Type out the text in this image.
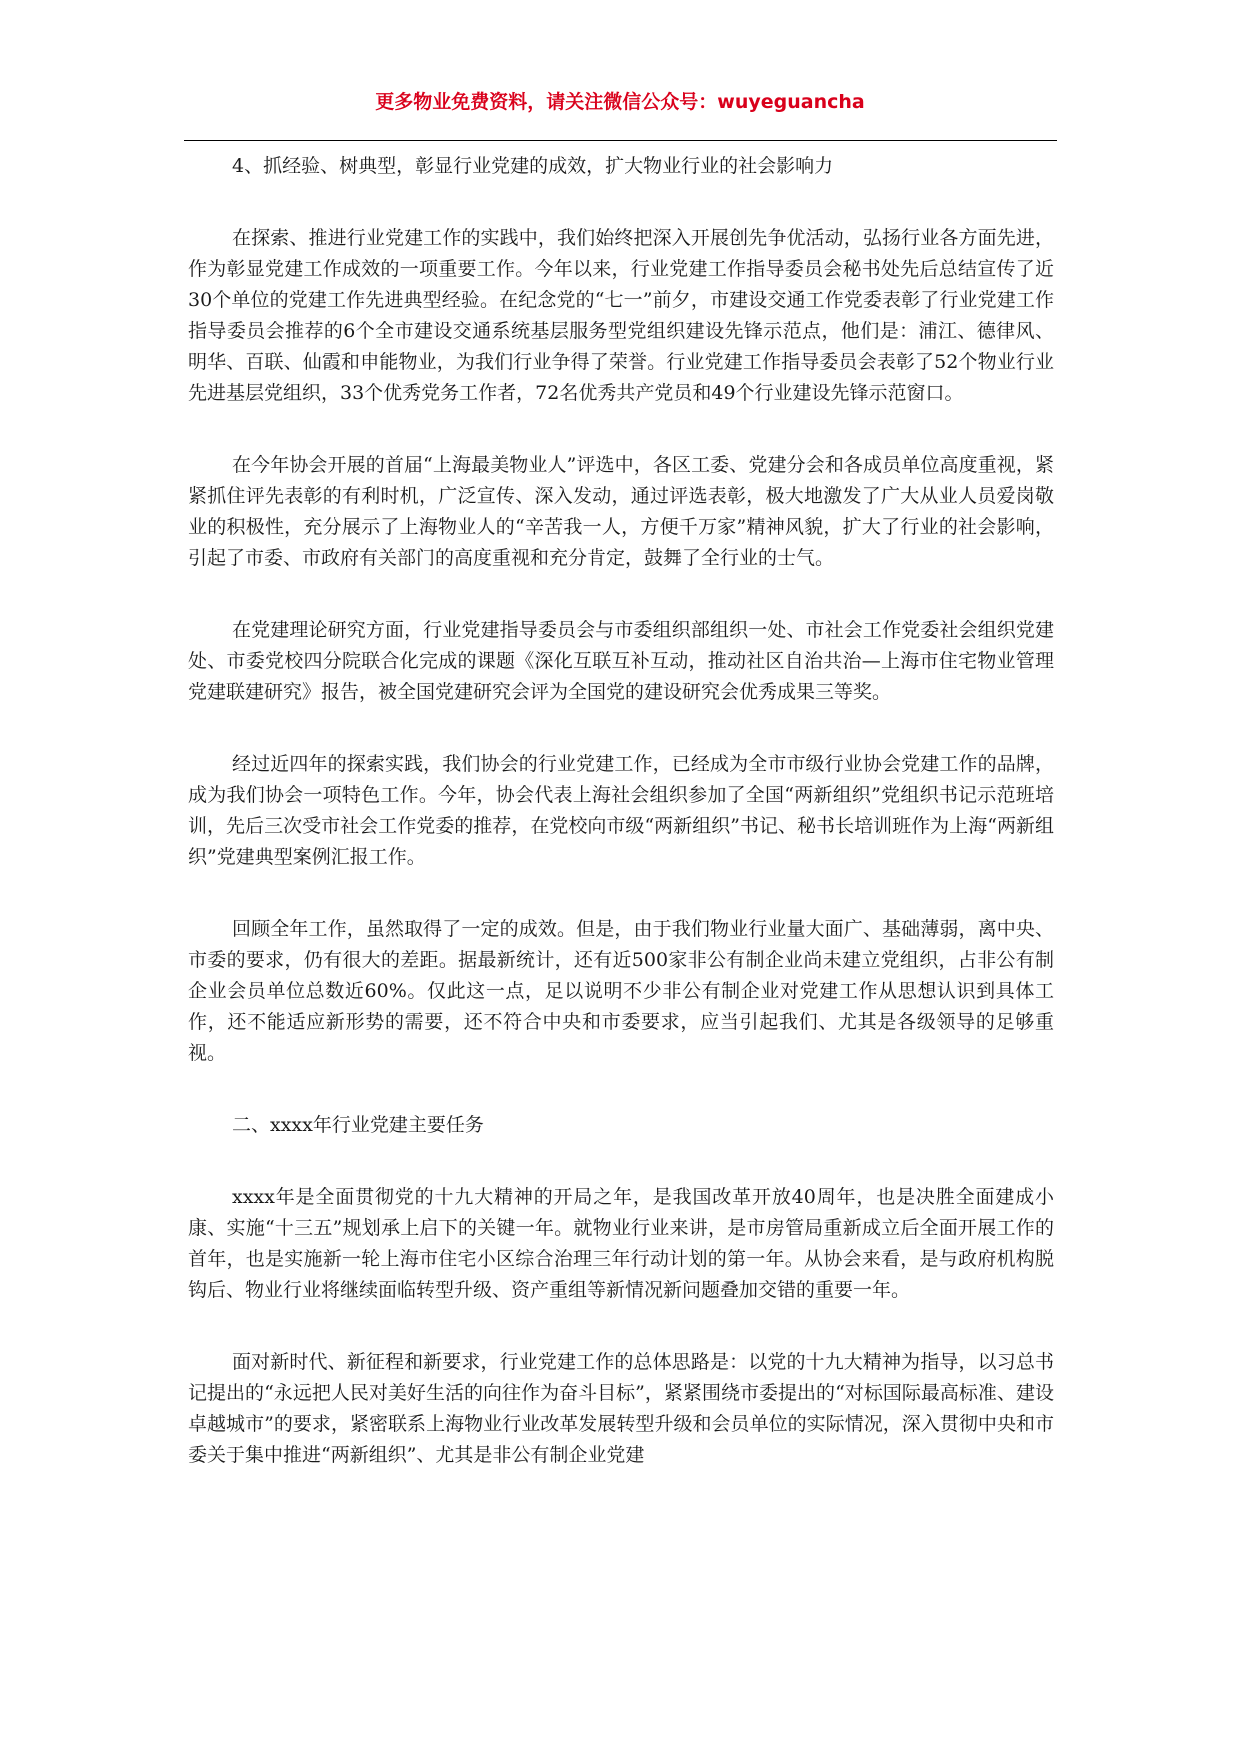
更多物业免费资料，请关注微信公众号：wuyeguancha

4、抓经验、树典型，彰显行业党建的成效，扩大物业行业的社会影响力

在探索、推进行业党建工作的实践中，我们始终把深入开展创先争优活动，弘扬行业各方面先进，作为彰显党建工作成效的一项重要工作。今年以来，行业党建工作指导委员会秘书处先后总结宣传了近30个单位的党建工作先进典型经验。在纪念党的“七一”前夕，市建设交通工作党委表彰了行业党建工作指导委员会推荐的6个全市建设交通系统基层服务型党组织建设先锋示范点，他们是：浦江、德律风、明华、百联、仙霞和申能物业，为我们行业争得了荣誉。行业党建工作指导委员会表彰了52个物业行业先进基层党组织，33个优秀党务工作者，72名优秀共产党员和49个行业建设先锋示范窗口。

在今年协会开展的首届“上海最美物业人”评选中，各区工委、党建分会和各成员单位高度重视，紧紧抓住评先表彰的有利时机，广泛宣传、深入发动，通过评选表彰，极大地激发了广大从业人员爱岗敬业的积极性，充分展示了上海物业人的“辛苦我一人，方便千万家”精神风貌，扩大了行业的社会影响，引起了市委、市政府有关部门的高度重视和充分肯定，鼓舞了全行业的士气。

在党建理论研究方面，行业党建指导委员会与市委组织部组织一处、市社会工作党委社会组织党建处、市委党校四分院联合化完成的课题《深化互联互补互动，推动社区自治共治—上海市住宅物业管理党建联建研究》报告，被全国党建研究会评为全国党的建设研究会优秀成果三等奖。

经过近四年的探索实践，我们协会的行业党建工作，已经成为全市市级行业协会党建工作的品牌，成为我们协会一项特色工作。今年，协会代表上海社会组织参加了全国“两新组织”党组织书记示范班培训，先后三次受市社会工作党委的推荐，在党校向市级“两新组织”书记、秘书长培训班作为上海“两新组织”党建典型案例汇报工作。

回顾全年工作，虽然取得了一定的成效。但是，由于我们物业行业量大面广、基础薄弱，离中央、市委的要求，仍有很大的差距。据最新统计，还有近500家非公有制企业尚未建立党组织，占非公有制企业会员单位总数近60%。仅此这一点，足以说明不少非公有制企业对党建工作从思想认识到具体工作，还不能适应新形势的需要，还不符合中央和市委要求，应当引起我们、尤其是各级领导的足够重视。

二、xxxx年行业党建主要任务

xxxx年是全面贯彻党的十九大精神的开局之年，是我国改革开放40周年，也是决胜全面建成小康、实施“十三五”规划承上启下的关键一年。就物业行业来讲，是市房管局重新成立后全面开展工作的首年，也是实施新一轮上海市住宅小区综合治理三年行动计划的第一年。从协会来看，是与政府机构脱钩后、物业行业将继续面临转型升级、资产重组等新情况新问题叠加交错的重要一年。

面对新时代、新征程和新要求，行业党建工作的总体思路是：以党的十九大精神为指导，以习总书记提出的“永远把人民对美好生活的向往作为奋斗目标”，紧紧围绕市委提出的“对标国际最高标准、建设卓越城市”的要求，紧密联系上海物业行业改革发展转型升级和会员单位的实际情况，深入贯彻中央和市委关于集中推进“两新组织”、尤其是非公有制企业党建
